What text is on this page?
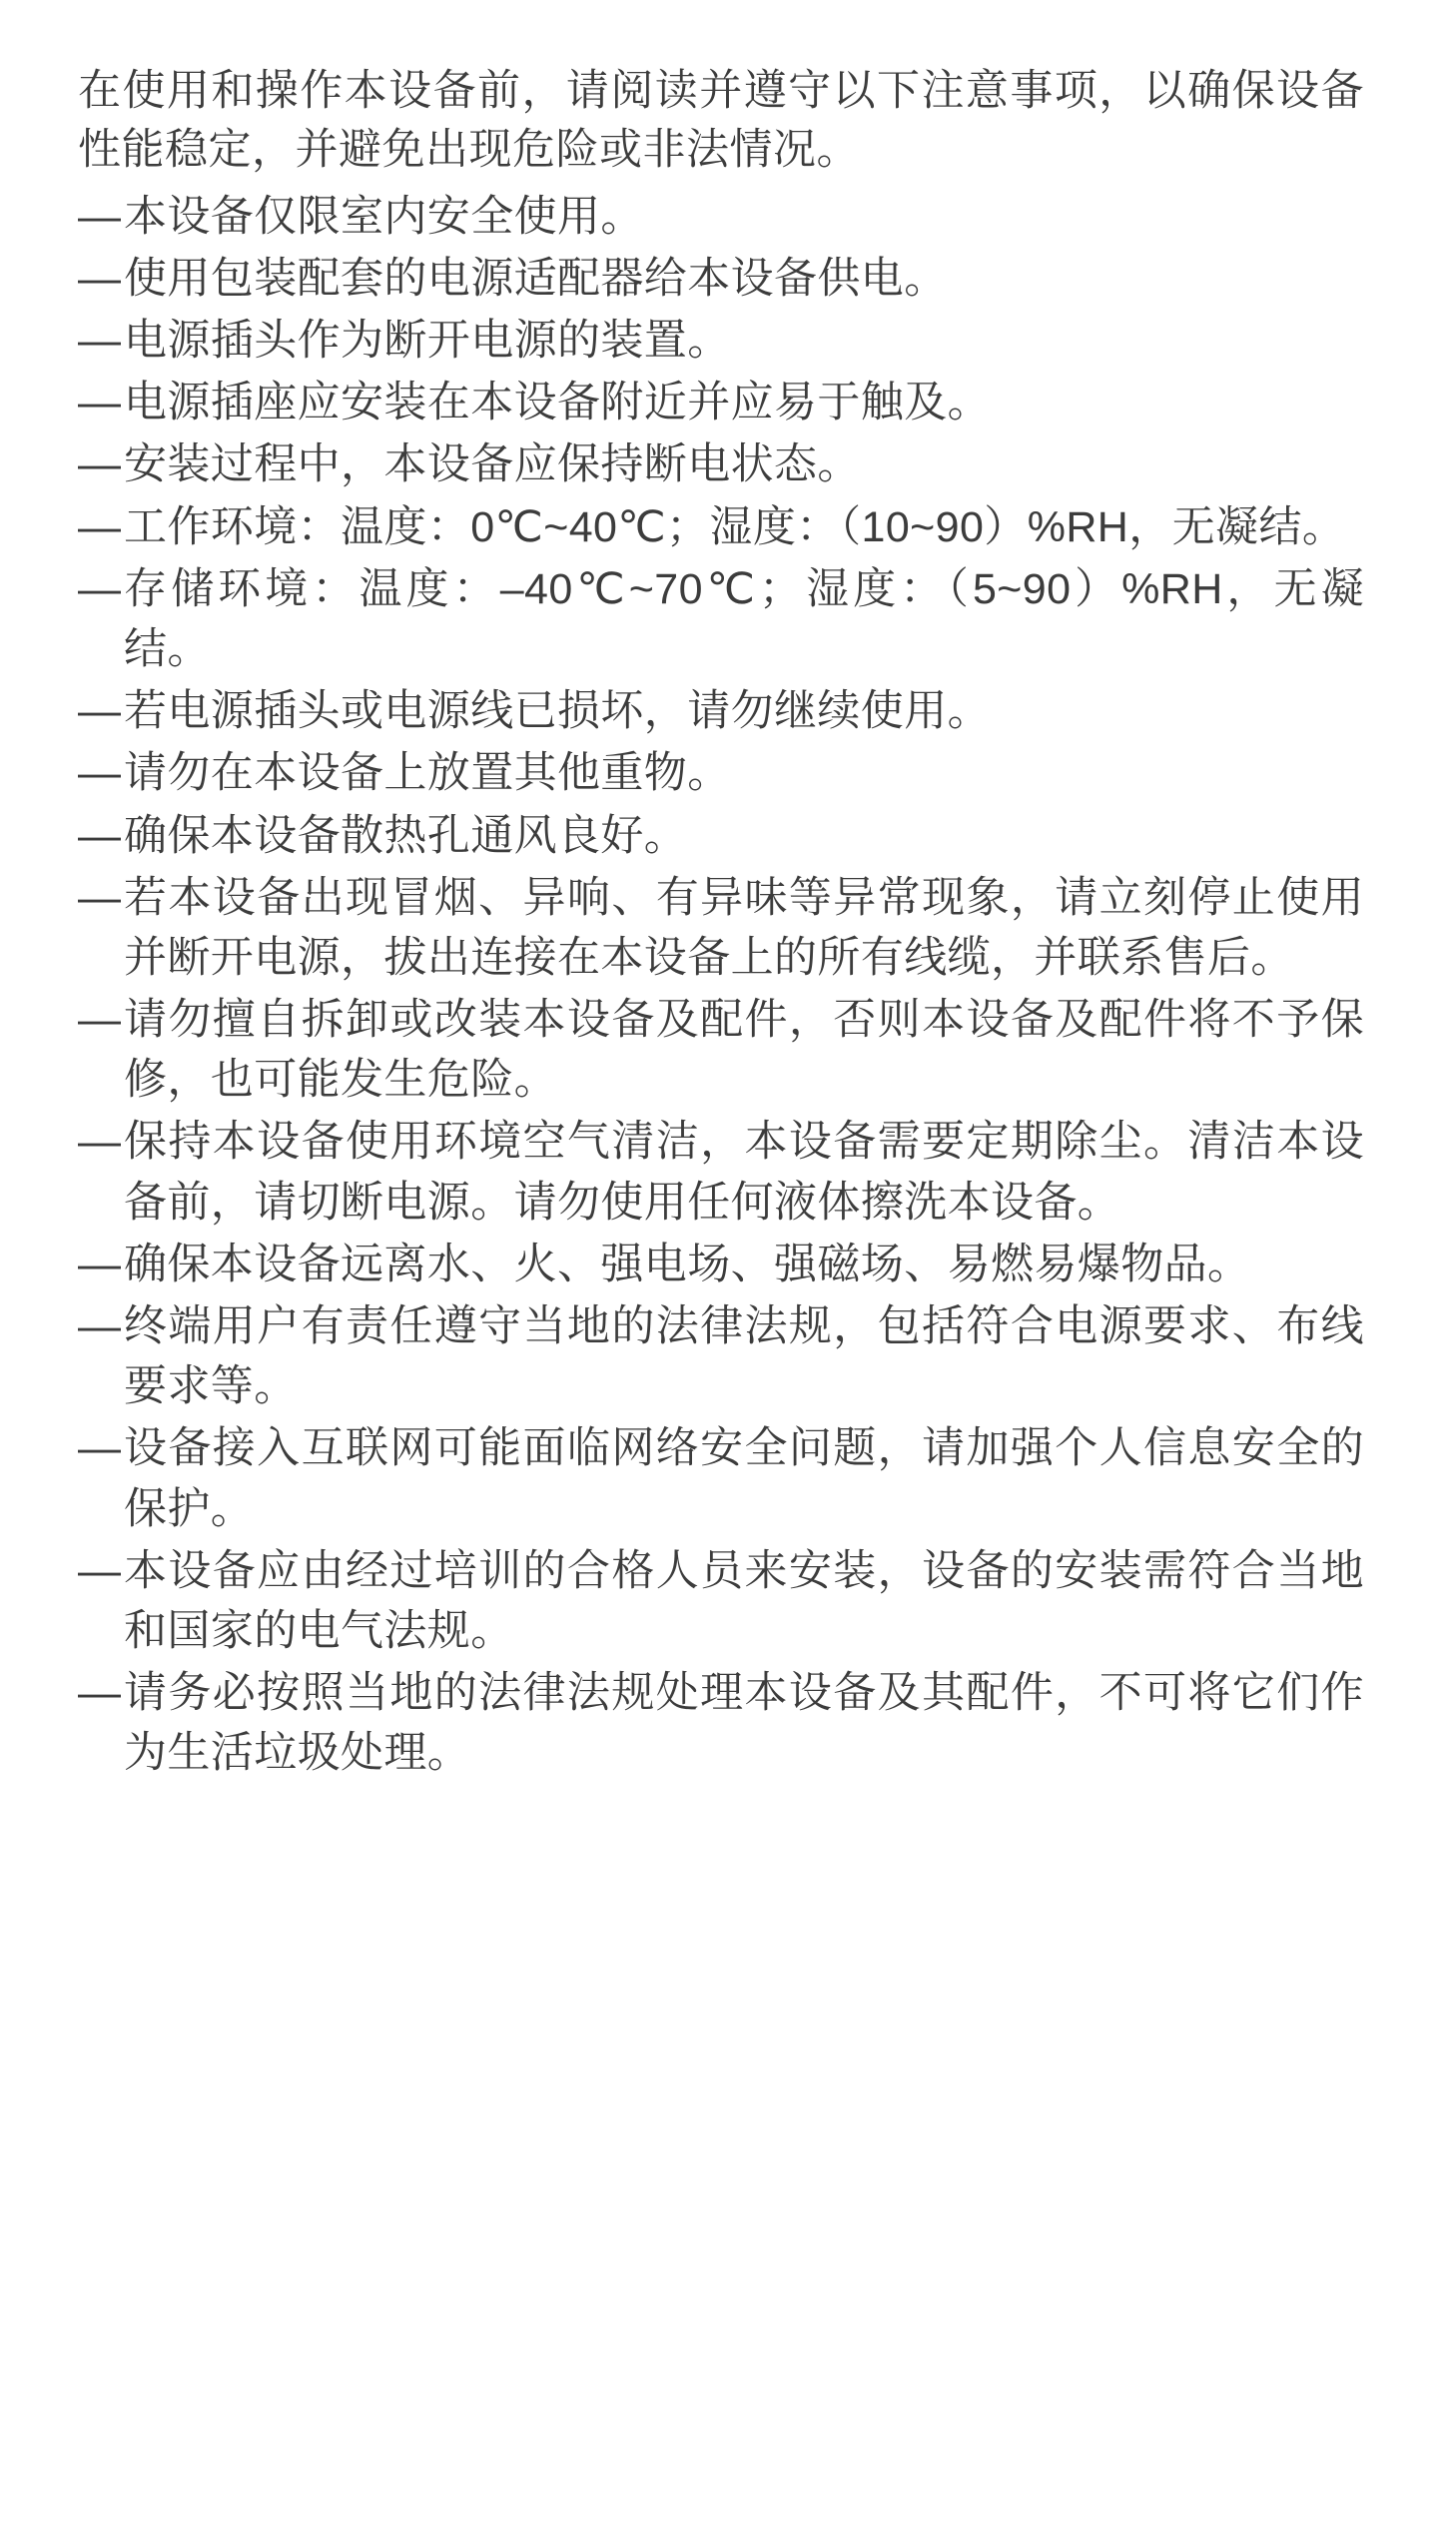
在使用和操作本设备前，请阅读并遵守以下注意事项，以确保设备性能稳定，并避免出现危险或非法情况。

— 本设备仅限室内安全使用。
— 使用包装配套的电源适配器给本设备供电。
— 电源插头作为断开电源的装置。
— 电源插座应安装在本设备附近并应易于触及。
— 安装过程中，本设备应保持断电状态。
— 工作环境：温度：0℃~40℃；湿度：（10~90）%RH，无凝结。
— 存储环境：温度：–40℃~70℃；湿度：（5~90）%RH，无凝结。
— 若电源插头或电源线已损坏，请勿继续使用。
— 请勿在本设备上放置其他重物。
— 确保本设备散热孔通风良好。
— 若本设备出现冒烟、异响、有异味等异常现象，请立刻停止使用并断开电源，拔出连接在本设备上的所有线缆，并联系售后。
— 请勿擅自拆卸或改装本设备及配件，否则本设备及配件将不予保修，也可能发生危险。
— 保持本设备使用环境空气清洁，本设备需要定期除尘。清洁本设备前，请切断电源。请勿使用任何液体擦洗本设备。
— 确保本设备远离水、火、强电场、强磁场、易燃易爆物品。
— 终端用户有责任遵守当地的法律法规，包括符合电源要求、布线要求等。
— 设备接入互联网可能面临网络安全问题，请加强个人信息安全的保护。
— 本设备应由经过培训的合格人员来安装，设备的安装需符合当地和国家的电气法规。
— 请务必按照当地的法律法规处理本设备及其配件，不可将它们作为生活垃圾处理。
